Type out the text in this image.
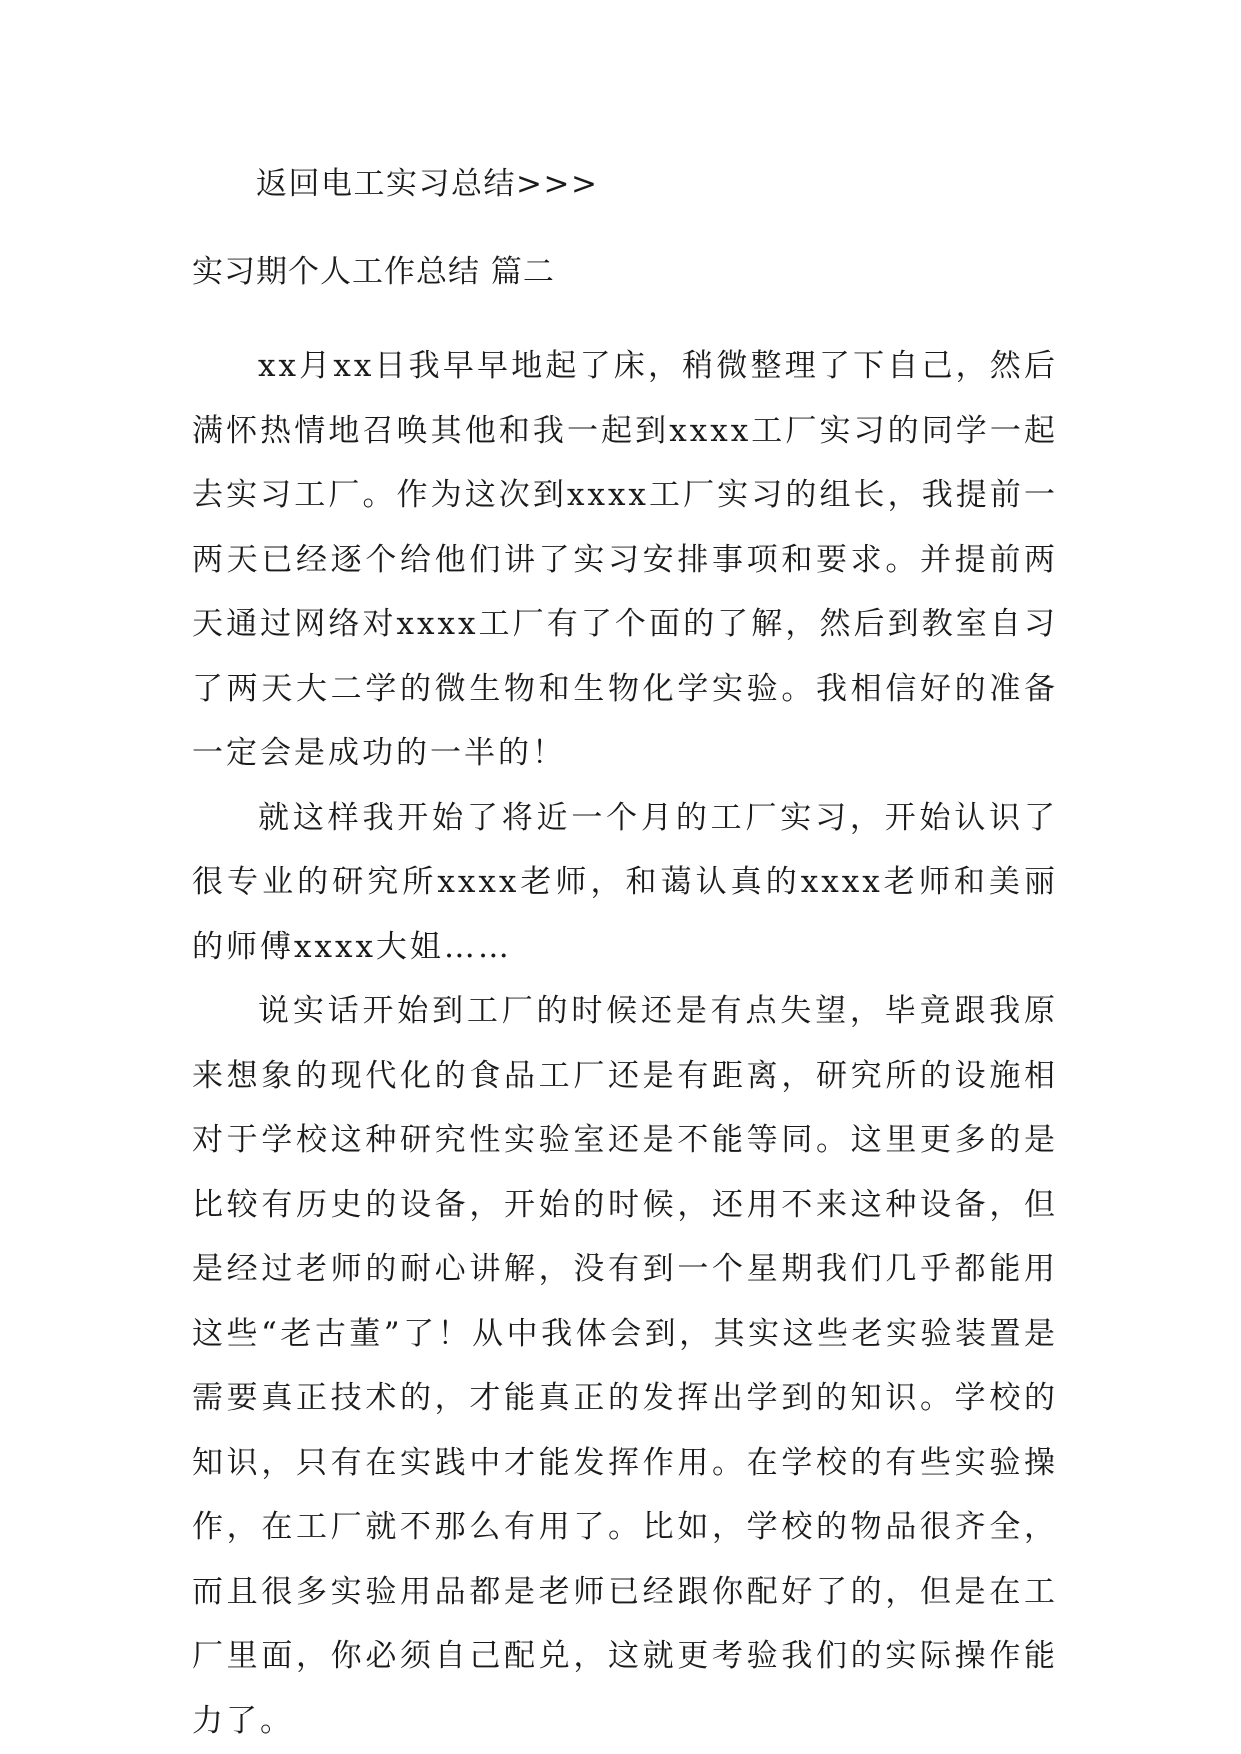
返回电工实习总结>>>
实习期个人工作总结 篇二

xx月xx日我早早地起了床，稍微整理了下自己，然后满怀热情地召唤其他和我一起到xxxx工厂实习的同学一起去实习工厂。作为这次到xxxx工厂实习的组长，我提前一两天已经逐个给他们讲了实习安排事项和要求。并提前两天通过网络对xxxx工厂有了个面的了解，然后到教室自习了两天大二学的微生物和生物化学实验。我相信好的准备一定会是成功的一半的！

就这样我开始了将近一个月的工厂实习，开始认识了很专业的研究所xxxx老师，和蔼认真的xxxx老师和美丽的师傅xxxx大姐……

说实话开始到工厂的时候还是有点失望，毕竟跟我原来想象的现代化的食品工厂还是有距离，研究所的设施相对于学校这种研究性实验室还是不能等同。这里更多的是比较有历史的设备，开始的时候，还用不来这种设备，但是经过老师的耐心讲解，没有到一个星期我们几乎都能用这些“老古董”了！从中我体会到，其实这些老实验装置是需要真正技术的，才能真正的发挥出学到的知识。学校的知识，只有在实践中才能发挥作用。在学校的有些实验操作，在工厂就不那么有用了。比如，学校的物品很齐全，而且很多实验用品都是老师已经跟你配好了的，但是在工厂里面，你必须自己配兑，这就更考验我们的实际操作能力了。
